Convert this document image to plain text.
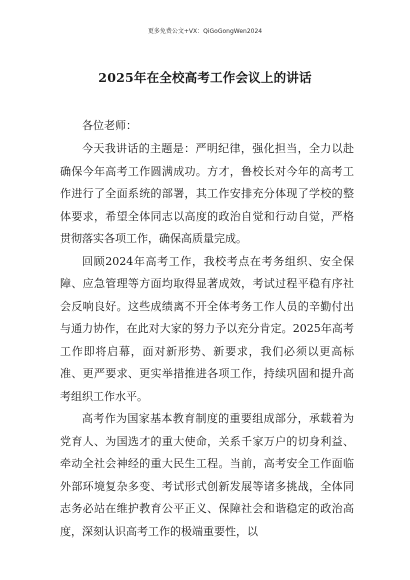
更多免费公文+VX：QiGoGongWen2024
2025年在全校高考工作会议上的讲话

各位老师：

今天我讲话的主题是：严明纪律，强化担当，全力以赴确保今年高考工作圆满成功。方才，鲁校长对今年的高考工作进行了全面系统的部署，其工作安排充分体现了学校的整体要求，希望全体同志以高度的政治自觉和行动自觉，严格贯彻落实各项工作，确保高质量完成。

回顾2024年高考工作，我校考点在考务组织、安全保障、应急管理等方面均取得显著成效，考试过程平稳有序社会反响良好。这些成绩离不开全体考务工作人员的辛勤付出与通力协作，在此对大家的努力予以充分肯定。2025年高考工作即将启幕，面对新形势、新要求，我们必须以更高标准、更严要求、更实举措推进各项工作，持续巩固和提升高考组织工作水平。

高考作为国家基本教育制度的重要组成部分，承载着为党育人、为国选才的重大使命，关系千家万户的切身利益、牵动全社会神经的重大民生工程。当前，高考安全工作面临外部环境复杂多变、考试形式创新发展等诸多挑战，全体同志务必站在维护教育公平正义、保障社会和谐稳定的政治高度，深刻认识高考工作的极端重要性，以
